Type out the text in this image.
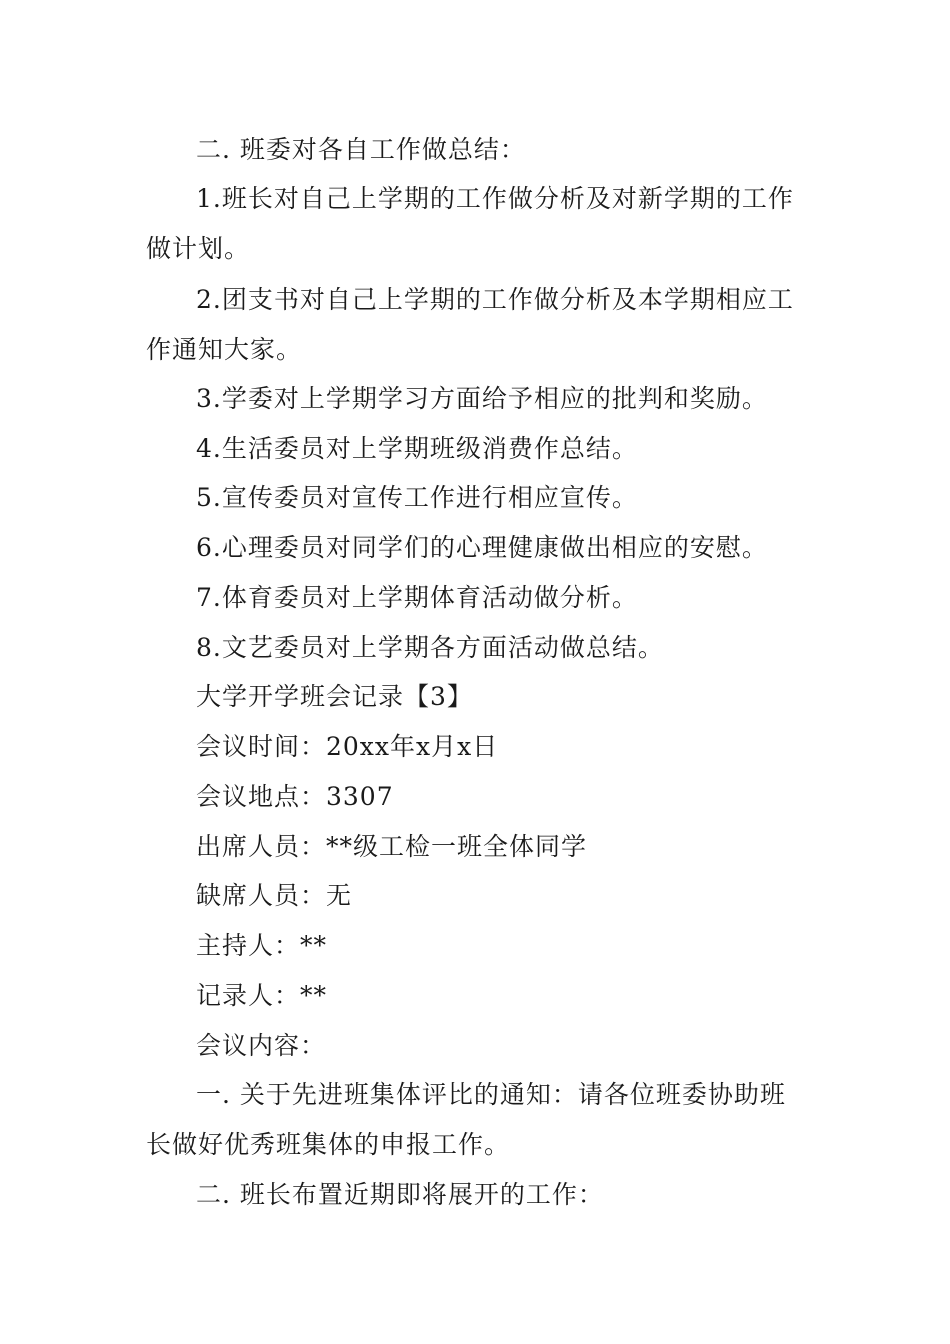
二. 班委对各自工作做总结：
1.班长对自己上学期的工作做分析及对新学期的工作
做计划。
2.团支书对自己上学期的工作做分析及本学期相应工
作通知大家。
3.学委对上学期学习方面给予相应的批判和奖励。
4.生活委员对上学期班级消费作总结。
5.宣传委员对宣传工作进行相应宣传。
6.心理委员对同学们的心理健康做出相应的安慰。
7.体育委员对上学期体育活动做分析。
8.文艺委员对上学期各方面活动做总结。
大学开学班会记录【3】
会议时间：20xx年x月x日
会议地点：3307
出席人员：**级工检一班全体同学
缺席人员：无
主持人：**
记录人：**
会议内容：
一. 关于先进班集体评比的通知：请各位班委协助班
长做好优秀班集体的申报工作。
二. 班长布置近期即将展开的工作：
